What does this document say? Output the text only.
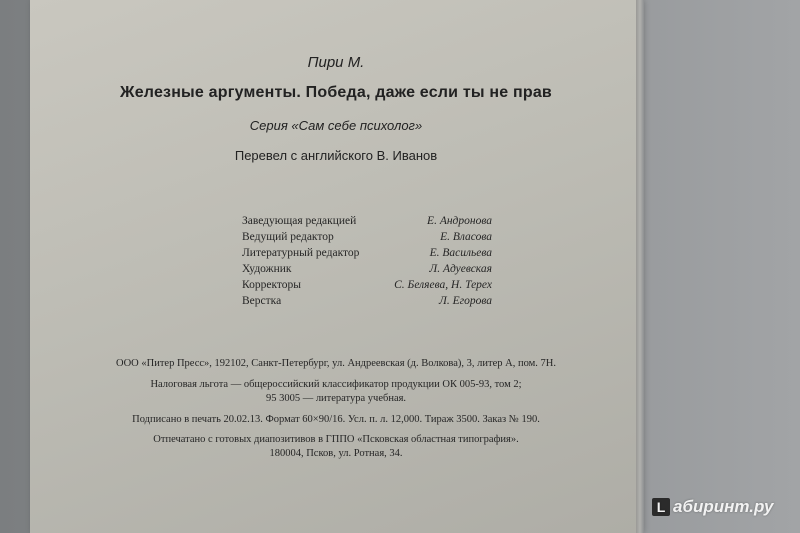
Пири М.
Железные аргументы. Победа, даже если ты не прав
Серия «Сам себе психолог»
Перевел с английского В. Иванов
Заведующая редакцией	Е. Андронова
Ведущий редактор	Е. Власова
Литературный редактор	Е. Васильева
Художник	Л. Адуевская
Корректоры	С. Беляева, Н. Терех
Верстка	Л. Егорова
ООО «Питер Пресс», 192102, Санкт-Петербург, ул. Андреевская (д. Волкова), 3, литер А, пом. 7Н.
Налоговая льгота — общероссийский классификатор продукции ОК 005-93, том 2;
95 3005 — литература учебная.
Подписано в печать 20.02.13. Формат 60×90/16. Усл. п. л. 12,000. Тираж 3500. Заказ № 190.
Отпечатано с готовых диапозитивов в ГППО «Псковская областная типография».
180004, Псков, ул. Ротная, 34.
L абиринт.ру
